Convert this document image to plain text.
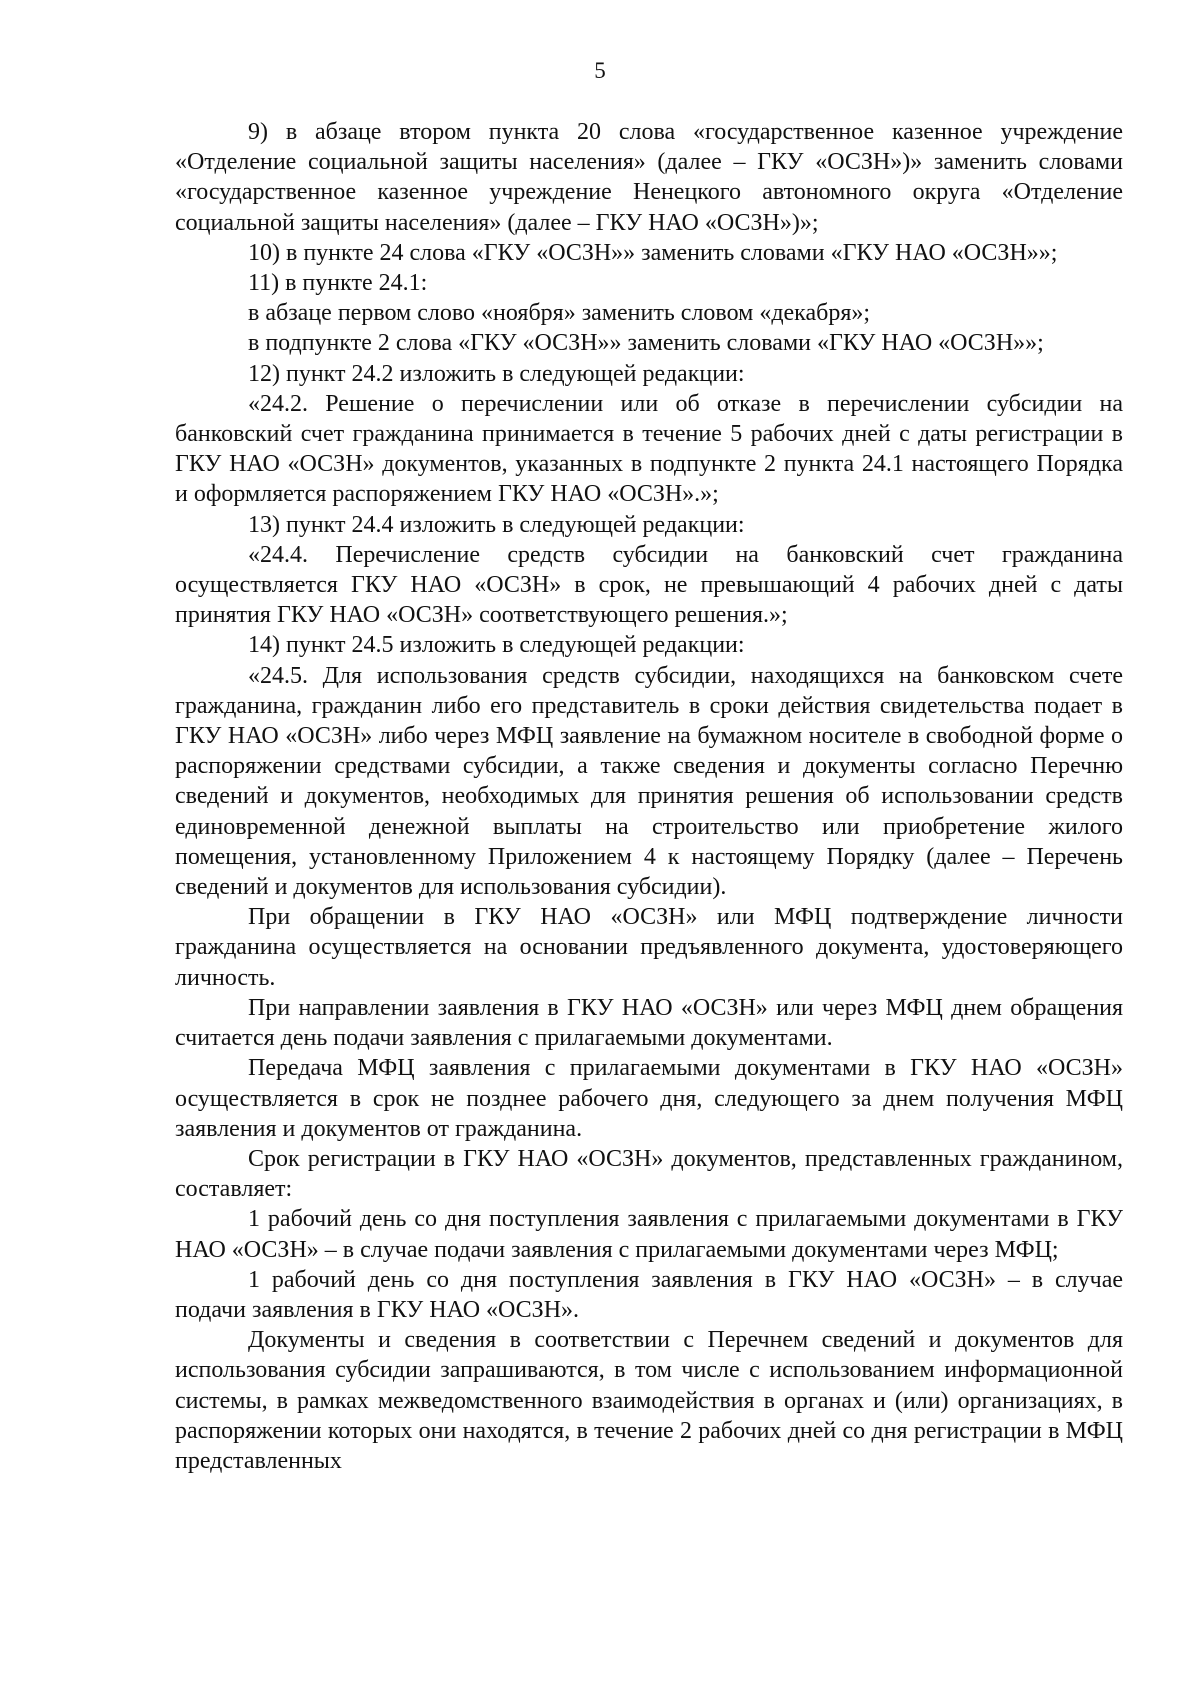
5

9) в абзаце втором пункта 20 слова «государственное казенное учреждение «Отделение социальной защиты населения» (далее – ГКУ «ОСЗН»)» заменить словами «государственное казенное учреждение Ненецкого автономного округа «Отделение социальной защиты населения» (далее – ГКУ НАО «ОСЗН»)»;

10) в пункте 24 слова «ГКУ «ОСЗН»» заменить словами «ГКУ НАО «ОСЗН»»;

11) в пункте 24.1:

в абзаце первом слово «ноября» заменить словом «декабря»;

в подпункте 2 слова «ГКУ «ОСЗН»» заменить словами «ГКУ НАО «ОСЗН»»;

12) пункт 24.2 изложить в следующей редакции:

«24.2. Решение о перечислении или об отказе в перечислении субсидии на банковский счет гражданина принимается в течение 5 рабочих дней с даты регистрации в ГКУ НАО «ОСЗН» документов, указанных в подпункте 2 пункта 24.1 настоящего Порядка и оформляется распоряжением ГКУ НАО «ОСЗН».»;

13) пункт 24.4 изложить в следующей редакции:

«24.4. Перечисление средств субсидии на банковский счет гражданина осуществляется ГКУ НАО «ОСЗН» в срок, не превышающий 4 рабочих дней с даты принятия ГКУ НАО «ОСЗН» соответствующего решения.»;

14) пункт 24.5 изложить в следующей редакции:

«24.5. Для использования средств субсидии, находящихся на банковском счете гражданина, гражданин либо его представитель в сроки действия свидетельства подает в ГКУ НАО «ОСЗН» либо через МФЦ заявление на бумажном носителе в свободной форме о распоряжении средствами субсидии, а также сведения и документы согласно Перечню сведений и документов, необходимых для принятия решения об использовании средств единовременной денежной выплаты на строительство или приобретение жилого помещения, установленному Приложением 4 к настоящему Порядку (далее – Перечень сведений и документов для использования субсидии).

При обращении в ГКУ НАО «ОСЗН» или МФЦ подтверждение личности гражданина осуществляется на основании предъявленного документа, удостоверяющего личность.

При направлении заявления в ГКУ НАО «ОСЗН» или через МФЦ днем обращения считается день подачи заявления с прилагаемыми документами.

Передача МФЦ заявления с прилагаемыми документами в ГКУ НАО «ОСЗН» осуществляется в срок не позднее рабочего дня, следующего за днем получения МФЦ заявления и документов от гражданина.

Срок регистрации в ГКУ НАО «ОСЗН» документов, представленных гражданином, составляет:

1 рабочий день со дня поступления заявления с прилагаемыми документами в ГКУ НАО «ОСЗН» – в случае подачи заявления с прилагаемыми документами через МФЦ;

1 рабочий день со дня поступления заявления в ГКУ НАО «ОСЗН» – в случае подачи заявления в ГКУ НАО «ОСЗН».

Документы и сведения в соответствии с Перечнем сведений и документов для использования субсидии запрашиваются, в том числе с использованием информационной системы, в рамках межведомственного взаимодействия в органах и (или) организациях, в распоряжении которых они находятся, в течение 2 рабочих дней со дня регистрации в МФЦ представленных
